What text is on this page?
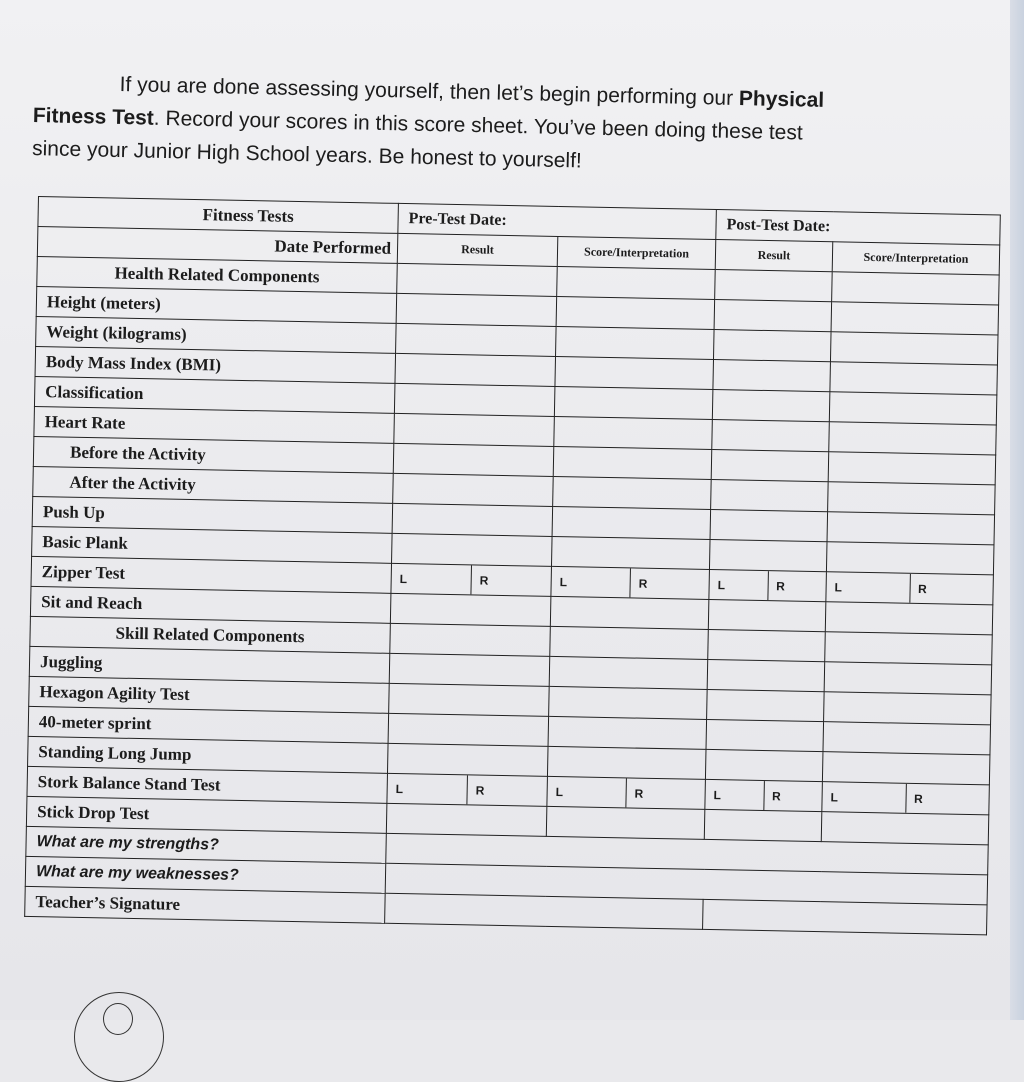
If you are done assessing yourself, then let’s begin performing our Physical
Fitness Test. Record your scores in this score sheet. You’ve been doing these test
since your Junior High School years. Be honest to yourself!

Fitness Tests	Pre-Test Date:		Post-Test Date:	
Date Performed	Result	Score/Interpretation	Result	Score/Interpretation
Health Related Components				
Height (meters)				
Weight (kilograms)				
Body Mass Index (BMI)				
Classification				
Heart Rate				
Before the Activity				
After the Activity				
Push Up				
Basic Plank				
Zipper Test	L R	L R	L R	L R

Sit and Reach				
Skill Related Components				
Juggling				
Hexagon Agility Test				
40-meter sprint				
Standing Long Jump				
Stork Balance Stand Test	L R	L R	L R	L R

Stick Drop Test				
What are my strengths?				
What are my weaknesses?				
Teacher’s Signature				
